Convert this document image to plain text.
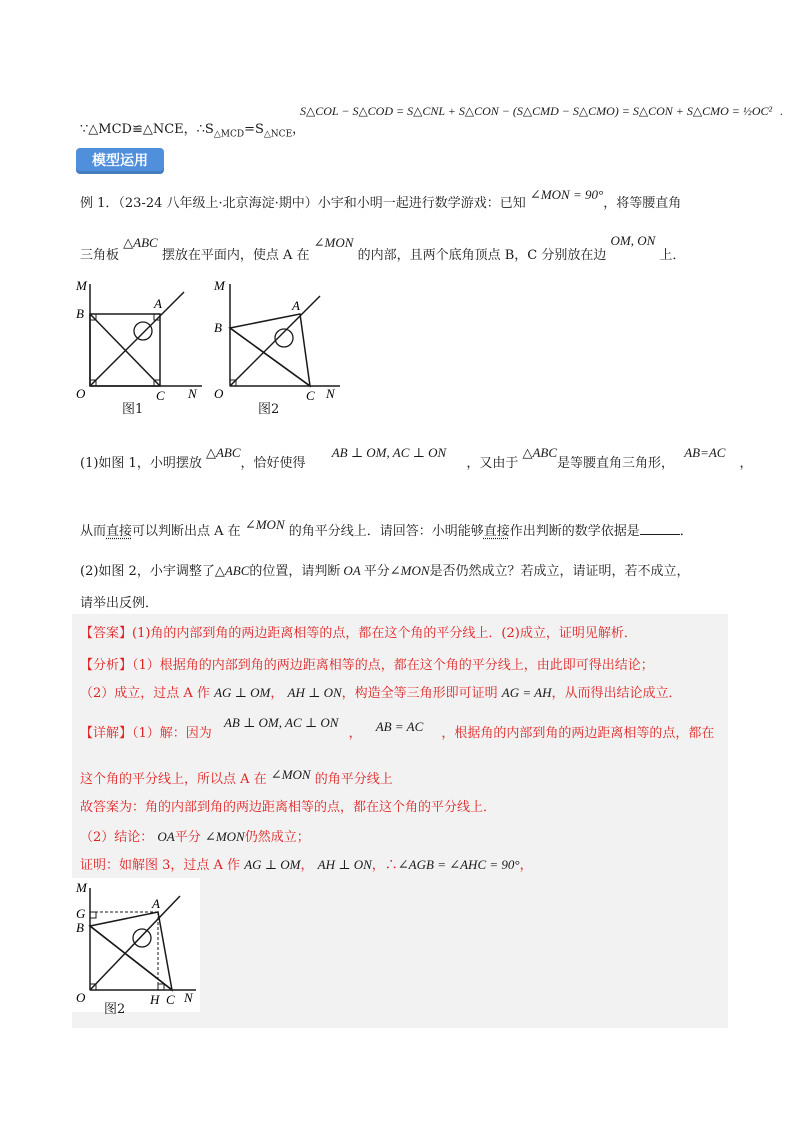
∵△MCD≌△NCE，$\therefore S_{\triangle MCD}=S_{\triangle NCE}$，
S△COL − S△COD = S△CNL + S△CON − (S△CMD − S△CMO) = S△CON + S△CMO = ½OC² .
模型运用
例 1．（23-24 八年级上·北京海淀·期中）小宇和小明一起进行数学游戏：已知 ∠MON = 90°，将等腰直角
三角板 △ABC 摆放在平面内，使点 A 在 ∠MON 的内部，且两个底角顶点 B，C 分别放在边 OM, ON 上．
M
A
B
O	C N
图1
M
A
B
O	C N
图2
(1)如图 1，小明摆放 △ABC，恰好使得 AB ⊥ OM, AC ⊥ ON ，又由于 △ABC是等腰直角三角形， AB=AC，
从而直接可以判断出点 A 在 ∠MON 的角平分线上．请回答：小明能够直接作出判断的数学依据是	．
(2)如图 2，小宇调整了△ABC的位置，请判断 OA 平分∠MON是否仍然成立？若成立，请证明，若不成立，
请举出反例．
【答案】(1)角的内部到角的两边距离相等的点，都在这个角的平分线上．(2)成立，证明见解析．
【分析】（1）根据角的内部到角的两边距离相等的点，都在这个角的平分线上，由此即可得出结论；
（2）成立，过点 A 作 AG ⊥ OM， AH ⊥ ON，构造全等三角形即可证明 AG = AH，从而得出结论成立．
【详解】（1）解：因为 AB ⊥ OM, AC ⊥ ON ， AB = AC ，根据角的内部到角的两边距离相等的点，都在
这个角的平分线上，所以点 A 在 ∠MON 的角平分线上
故答案为：角的内部到角的两边距离相等的点，都在这个角的平分线上．
（2）结论： OA平分 ∠MON仍然成立；
证明：如解图 3，过点 A 作 AG ⊥ OM， AH ⊥ ON，∴∠AGB = ∠AHC = 90°，
M
G
A
B
O	H C N
图2
